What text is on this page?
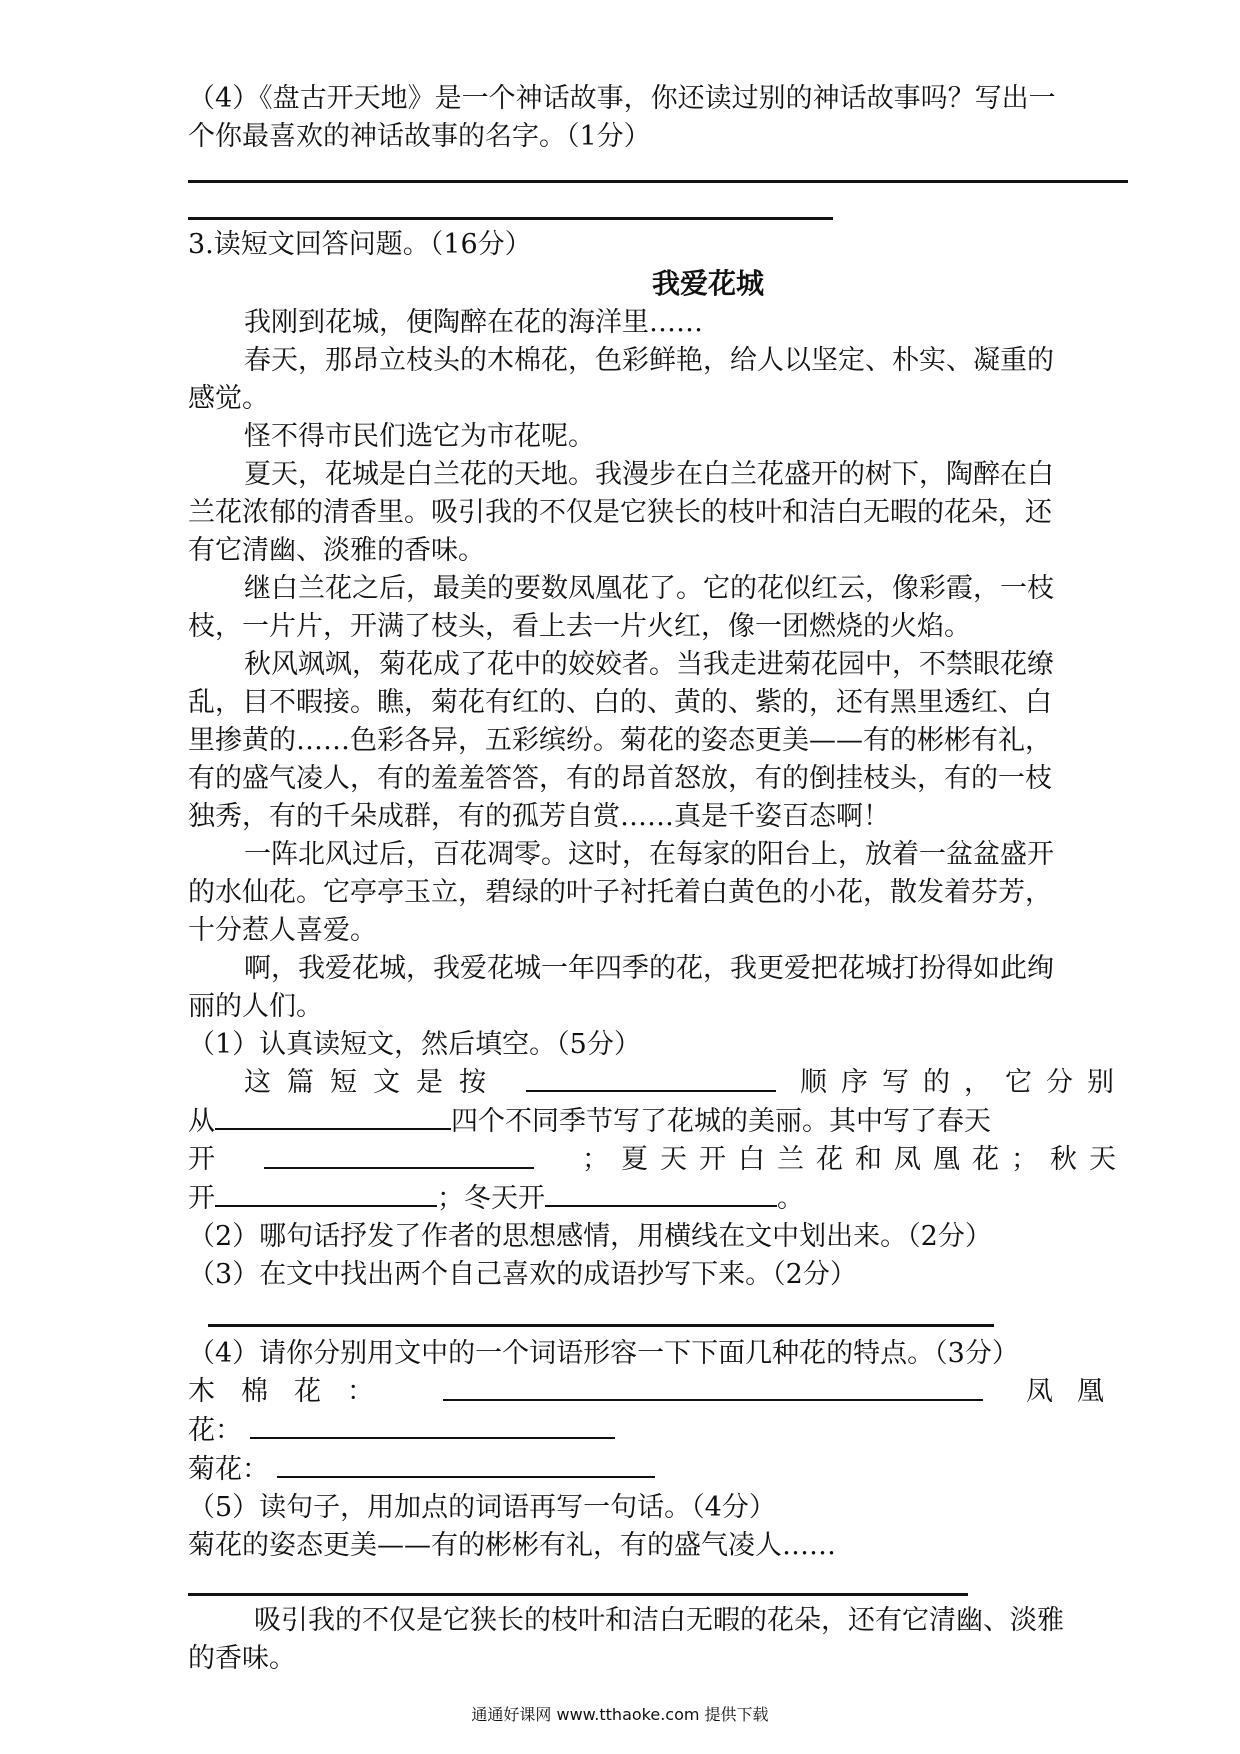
（4）《盘古开天地》是一个神话故事，你还读过别的神话故事吗？写出一
个你最喜欢的神话故事的名字。（1分）
3.读短文回答问题。（16分）
我爱花城
我刚到花城，便陶醉在花的海洋里……
春天，那昂立枝头的木棉花，色彩鲜艳，给人以坚定、朴实、凝重的
感觉。
怪不得市民们选它为市花呢。
夏天，花城是白兰花的天地。我漫步在白兰花盛开的树下，陶醉在白
兰花浓郁的清香里。吸引我的不仅是它狭长的枝叶和洁白无暇的花朵，还
有它清幽、淡雅的香味。
继白兰花之后，最美的要数凤凰花了。它的花似红云，像彩霞，一枝
枝，一片片，开满了枝头，看上去一片火红，像一团燃烧的火焰。
秋风飒飒，菊花成了花中的姣姣者。当我走进菊花园中，不禁眼花缭
乱，目不暇接。瞧，菊花有红的、白的、黄的、紫的，还有黑里透红、白
里掺黄的……色彩各异，五彩缤纷。菊花的姿态更美——有的彬彬有礼，
有的盛气凌人，有的羞羞答答，有的昂首怒放，有的倒挂枝头，有的一枝
独秀，有的千朵成群，有的孤芳自赏……真是千姿百态啊！
一阵北风过后，百花凋零。这时，在每家的阳台上，放着一盆盆盛开
的水仙花。它亭亭玉立，碧绿的叶子衬托着白黄色的小花，散发着芬芳，
十分惹人喜爱。
啊，我爱花城，我爱花城一年四季的花，我更爱把花城打扮得如此绚
丽的人们。
（1）认真读短文，然后填空。（5分）
这篇短文是按	顺序写的，它分别
从	四个不同季节写了花城的美丽。其中写了春天
开	；夏天开白兰花和凤凰花；秋天
开	；冬天开	。
（2）哪句话抒发了作者的思想感情，用横线在文中划出来。（2分）
（3）在文中找出两个自己喜欢的成语抄写下来。（2分）
（4）请你分别用文中的一个词语形容一下下面几种花的特点。（3分）
木棉花：	凤凰
花：
菊花：
（5）读句子，用加点的词语再写一句话。（4分）
菊花的姿态更美——有的彬彬有礼，有的盛气凌人……
吸引我的不仅是它狭长的枝叶和洁白无暇的花朵，还有它清幽、淡雅
的香味。
通通好课网 www.tthaoke.com 提供下载
